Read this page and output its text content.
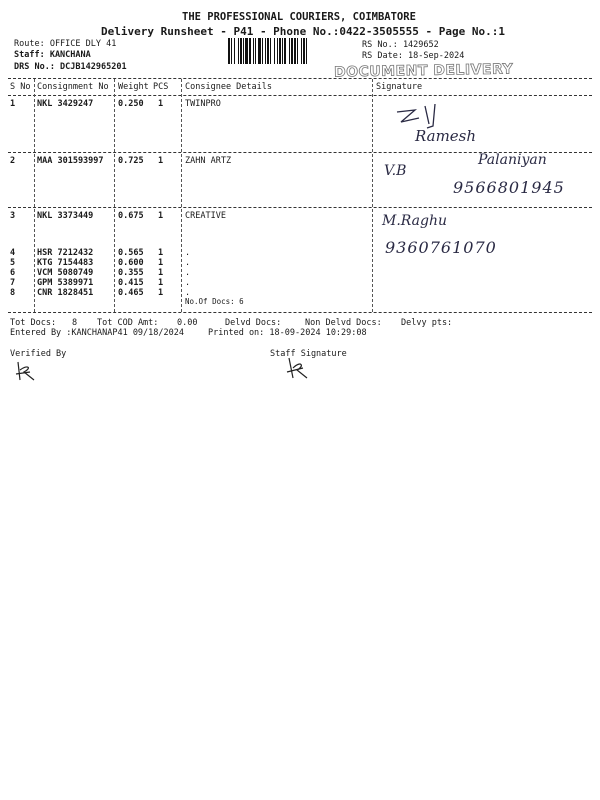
THE PROFESSIONAL COURIERS, COIMBATORE
Delivery Runsheet - P41 - Phone No.:0422-3505555 - Page No.:1
Route: OFFICE DLY 41
Staff: KANCHANA
DRS No.: DCJB142965201
RS No.: 1429652
RS Date: 18-Sep-2024
DOCUMENT DELIVERY
S No Consignment No Weight PCS Consignee Details	Signature
1	NKL 3429247	0.250 1	TWINPRO
2	MAA 301593997 0.725 1	ZAHN ARTZ
3	NKL 3373449	0.675 1	CREATIVE
4	HSR 7212432	0.565 1	.
5	KTG 7154483	0.600 1	.
6	VCM 5080749	0.355 1	.
7	GPM 5389971	0.415 1	.
8	CNR 1828451	0.465 1	.
No.Of Docs: 6
Ramesh
V.B
Palaniyan
9566801945
M.Raghu
9360761070
Tot Docs: 8 Tot COD Amt: 0.00	Delvd Docs:	Non Delvd Docs: Delvy pts:
Entered By :KANCHANAP41 09/18/2024	Printed on: 18-09-2024 10:29:08
Verified By	Staff Signature
